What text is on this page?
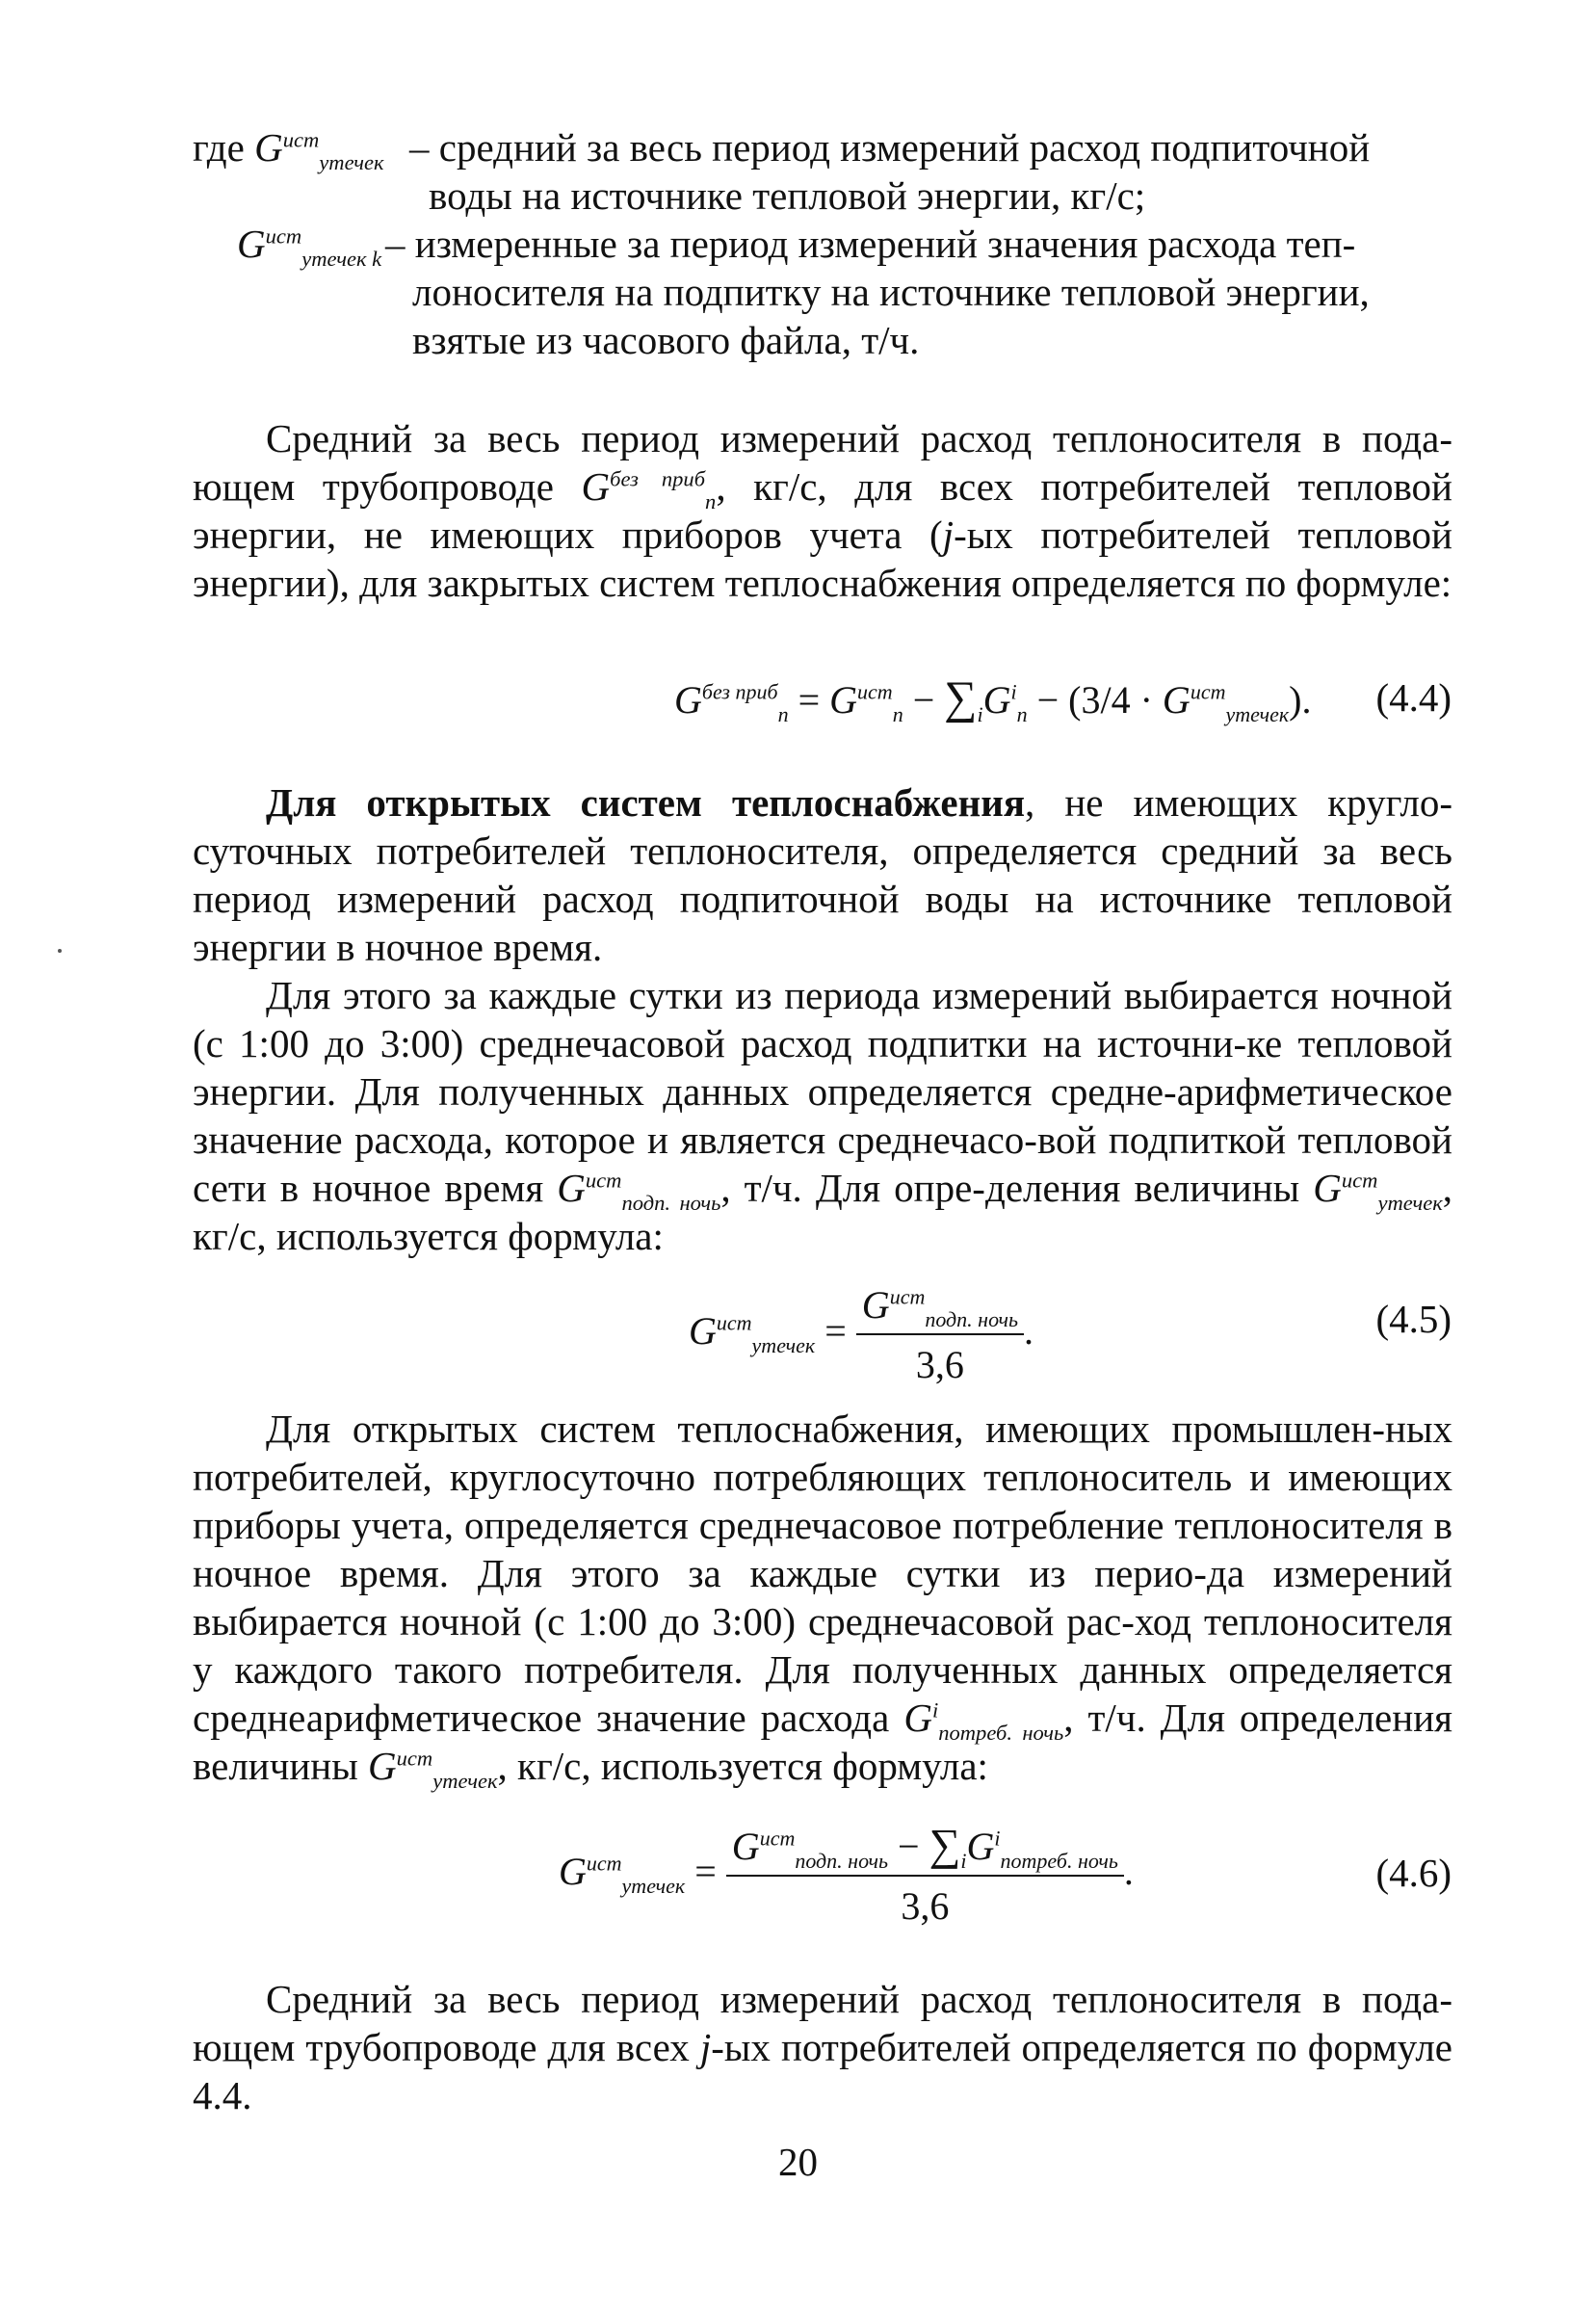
где $G^{ист}_{утечек}$ – средний за весь период измерений расход подпиточной
воды на источнике тепловой энергии, кг/с;
$G^{ист}_{утечек k}$ – измеренные за период измерений значения расхода теп-
лоносителя на подпитку на источнике тепловой энергии,
взятые из часового файла, т/ч.

Средний за весь период измерений расход теплоносителя в пода-ющем трубопроводе $G^{без приб}_п$, кг/с, для всех потребителей тепловой энергии, не имеющих приборов учета (j-ых потребителей тепловой энергии), для закрытых систем теплоснабжения определяется по формуле:

$G^{без приб}_п = G^{ист}_п - \sum_iG^i_п - (3/4 \cdot G^{ист}_{утечек})$. (4.4)

Для открытых систем теплоснабжения, не имеющих кругло-суточных потребителей теплоносителя, определяется средний за весь период измерений расход подпиточной воды на источнике тепловой энергии в ночное время.

Для этого за каждые сутки из периода измерений выбирается ночной (с 1:00 до 3:00) среднечасовой расход подпитки на источни-ке тепловой энергии. Для полученных данных определяется средне-арифметическое значение расхода, которое и является среднечасо-вой подпиткой тепловой сети в ночное время $G^{ист}_{подп. ночь}$, т/ч. Для опре-деления величины $G^{ист}_{утечек}$, кг/с, используется формула:

$G^{ист}_{утечек} = \frac{G^{ист}_{подп. ночь}}{3,6}$ .	(4.5)

Для открытых систем теплоснабжения, имеющих промышлен-ных потребителей, круглосуточно потребляющих теплоноситель и имеющих приборы учета, определяется среднечасовое потребление теплоносителя в ночное время. Для этого за каждые сутки из перио-да измерений выбирается ночной (с 1:00 до 3:00) среднечасовой рас-ход теплоносителя у каждого такого потребителя. Для полученных данных определяется среднеарифметическое значение расхода $G^i_{потреб. ночь}$, т/ч. Для определения величины $G^{ист}_{утечек}$, кг/с, используется формула:

$G^{ист}_{утечек} = \frac{G^{ист}_{подп. ночь} - \sum_iG^i_{потреб. ночь}}{3,6}$ .	(4.6)

Средний за весь период измерений расход теплоносителя в пода-ющем трубопроводе для всех j-ых потребителей определяется по формуле 4.4.

20
